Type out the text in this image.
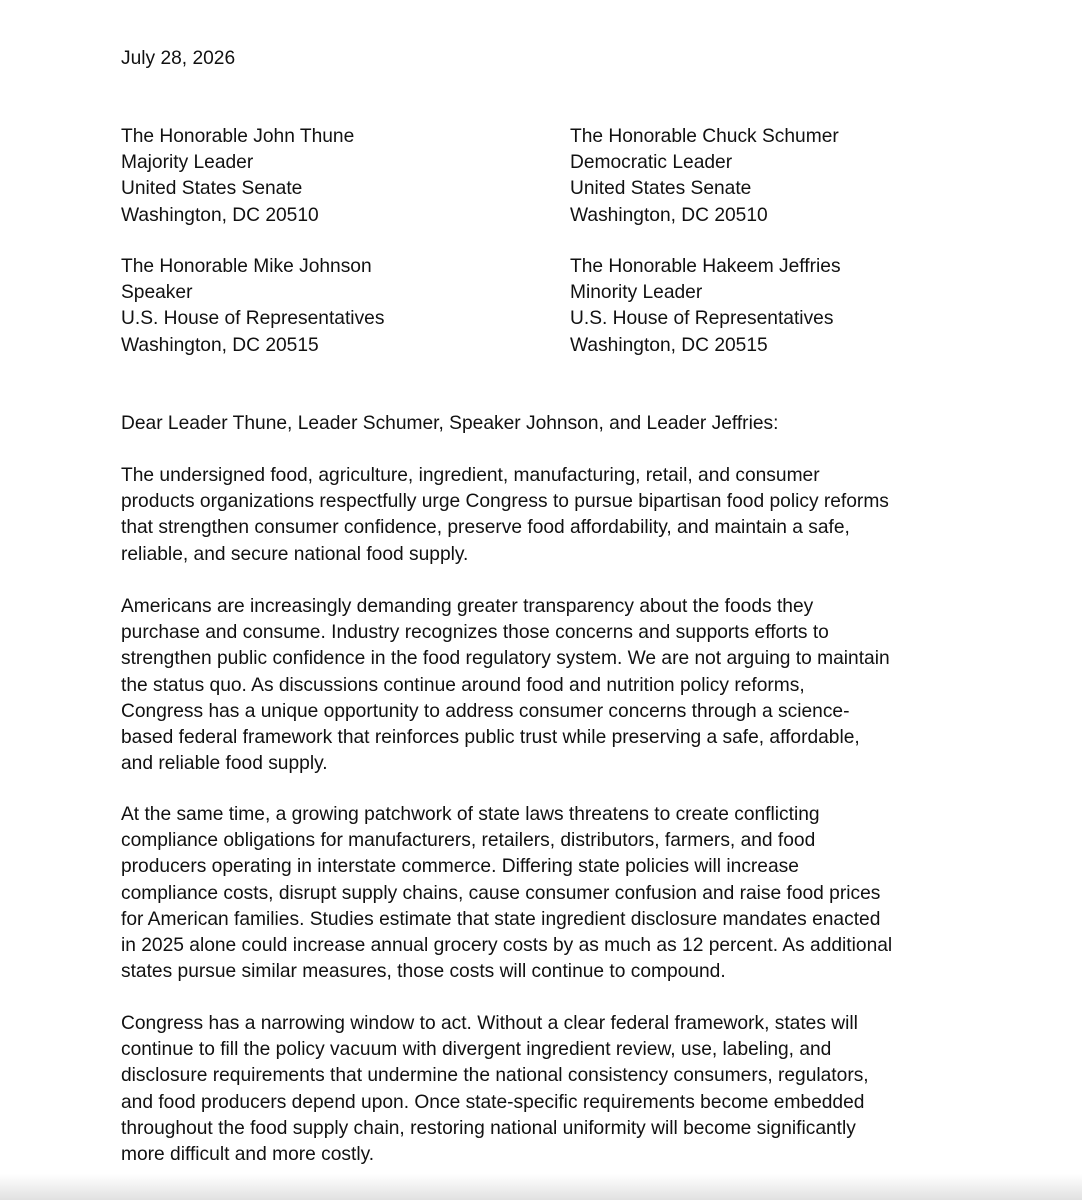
July 28, 2026
The Honorable John Thune
Majority Leader
United States Senate
Washington, DC 20510
The Honorable Chuck Schumer
Democratic Leader
United States Senate
Washington, DC 20510
The Honorable Mike Johnson
Speaker
U.S. House of Representatives
Washington, DC 20515
The Honorable Hakeem Jeffries
Minority Leader
U.S. House of Representatives
Washington, DC 20515
Dear Leader Thune, Leader Schumer, Speaker Johnson, and Leader Jeffries:
The undersigned food, agriculture, ingredient, manufacturing, retail, and consumer
products organizations respectfully urge Congress to pursue bipartisan food policy reforms
that strengthen consumer confidence, preserve food affordability, and maintain a safe,
reliable, and secure national food supply.
Americans are increasingly demanding greater transparency about the foods they
purchase and consume. Industry recognizes those concerns and supports efforts to
strengthen public confidence in the food regulatory system. We are not arguing to maintain
the status quo. As discussions continue around food and nutrition policy reforms,
Congress has a unique opportunity to address consumer concerns through a science-
based federal framework that reinforces public trust while preserving a safe, affordable,
and reliable food supply.
At the same time, a growing patchwork of state laws threatens to create conflicting
compliance obligations for manufacturers, retailers, distributors, farmers, and food
producers operating in interstate commerce. Differing state policies will increase
compliance costs, disrupt supply chains, cause consumer confusion and raise food prices
for American families. Studies estimate that state ingredient disclosure mandates enacted
in 2025 alone could increase annual grocery costs by as much as 12 percent. As additional
states pursue similar measures, those costs will continue to compound.
Congress has a narrowing window to act. Without a clear federal framework, states will
continue to fill the policy vacuum with divergent ingredient review, use, labeling, and
disclosure requirements that undermine the national consistency consumers, regulators,
and food producers depend upon. Once state-specific requirements become embedded
throughout the food supply chain, restoring national uniformity will become significantly
more difficult and more costly.
